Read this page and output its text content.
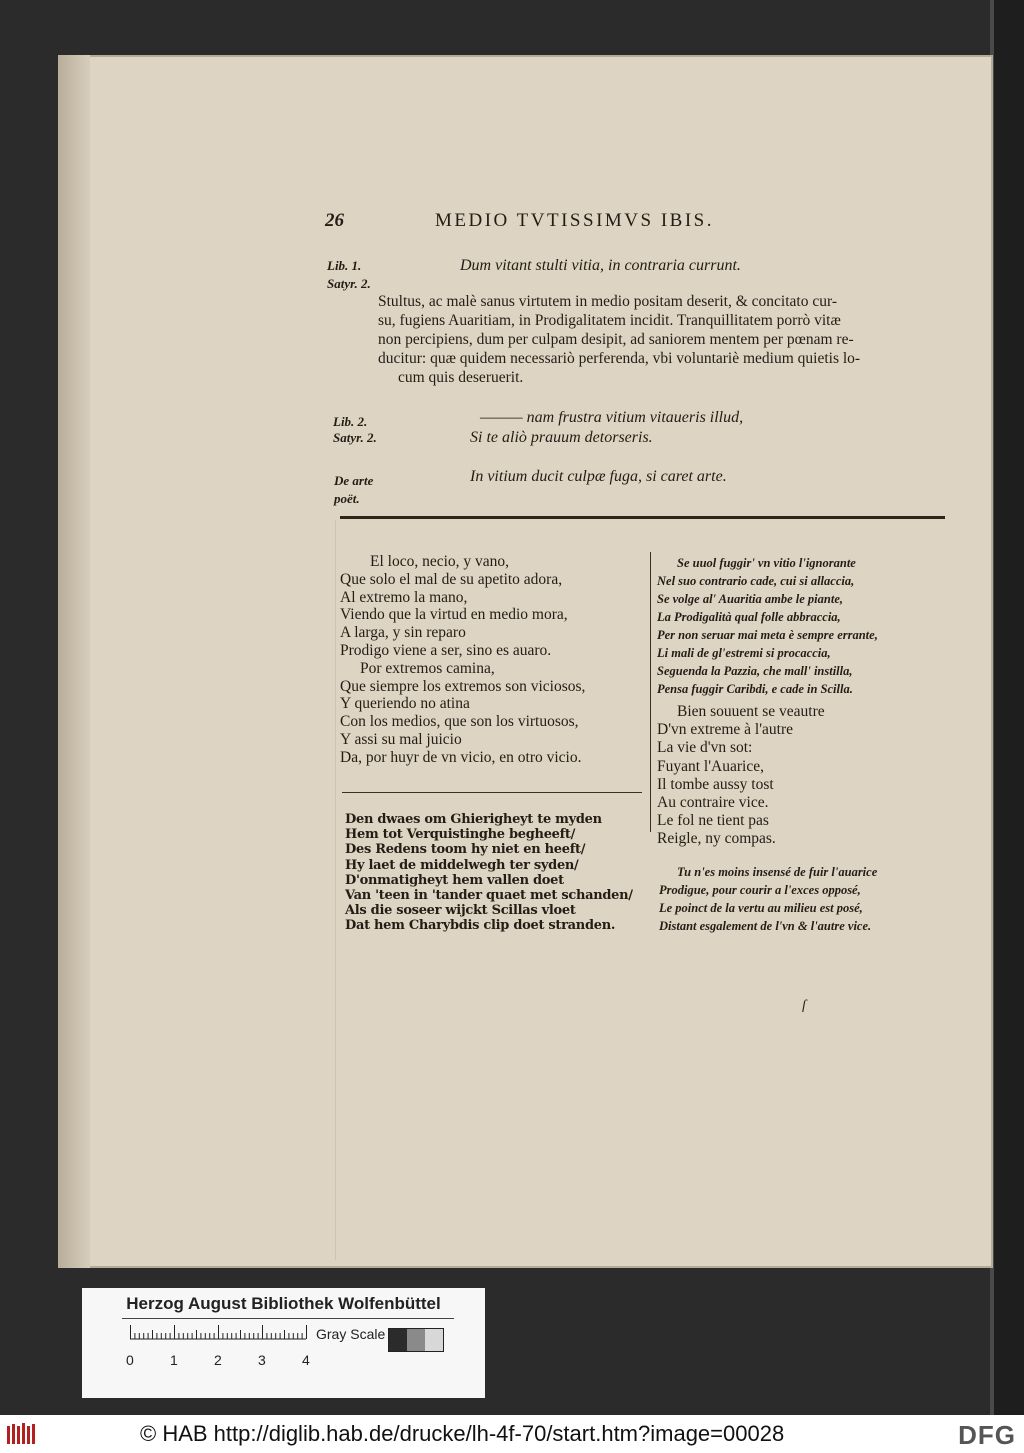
26	MEDIO TVTISSIMVS IBIS.
Lib. 1.
Satyr. 2.
Lib. 2.
Satyr. 2.
De arte
poët.
Dum vitant stulti vitia, in contraria currunt.
Stultus, ac malè sanus virtutem in medio positam deserit, & concitato cur-
su, fugiens Auaritiam, in Prodigalitatem incidit. Tranquillitatem porrò vitæ
non percipiens, dum per culpam desipit, ad saniorem mentem per pœnam re-
ducitur: quæ quidem necessariò perferenda, vbi voluntariè medium quietis lo-
cum quis deseruerit.
——— nam frustra vitium vitaueris illud,
Si te aliò prauum detorseris.
In vitium ducit culpæ fuga, si caret arte.
El loco, necio, y vano,
Que solo el mal de su apetito adora,
Al extremo la mano,
Viendo que la virtud en medio mora,
A larga, y sin reparo
Prodigo viene a ser, sino es auaro.
Por extremos camina,
Que siempre los extremos son viciosos,
Y queriendo no atina
Con los medios, que son los virtuosos,
Y assi su mal juicio
Da, por huyr de vn vicio, en otro vicio.
Se uuol fuggir' vn vitio l'ignorante
Nel suo contrario cade, cui si allaccia,
Se volge al' Auaritia ambe le piante,
La Prodigalità qual folle abbraccia,
Per non seruar mai meta è sempre errante,
Li mali de gl'estremi si procaccia,
Seguenda la Pazzia, che mall' instilla,
Pensa fuggir Caribdi, e cade in Scilla.
Bien souuent se veautre
D'vn extreme à l'autre
La vie d'vn sot:
Fuyant l'Auarice,
Il tombe aussy tost
Au contraire vice.
Le fol ne tient pas
Reigle, ny compas.
Den dwaes om Ghierigheyt te myden
Hem tot Verquistinghe begheeft/
Des Redens toom hy niet en heeft/
Hy laet de middelwegh ter syden/
D'onmatigheyt hem vallen doet
Van 'teen in 'tander quaet met schanden/
Als die soseer wijckt Scillas vloet
Dat hem Charybdis clip doet stranden.
Tu n'es moins insensé de fuir l'auarice
Prodigue, pour courir a l'exces opposé,
Le poinct de la vertu au milieu est posé,
Distant esgalement de l'vn & l'autre vice.
ſ
Herzog August Bibliothek Wolfenbüttel
0	1	2	3	4
Gray Scale
© HAB http://diglib.hab.de/drucke/lh-4f-70/start.htm?image=00028	DFG
